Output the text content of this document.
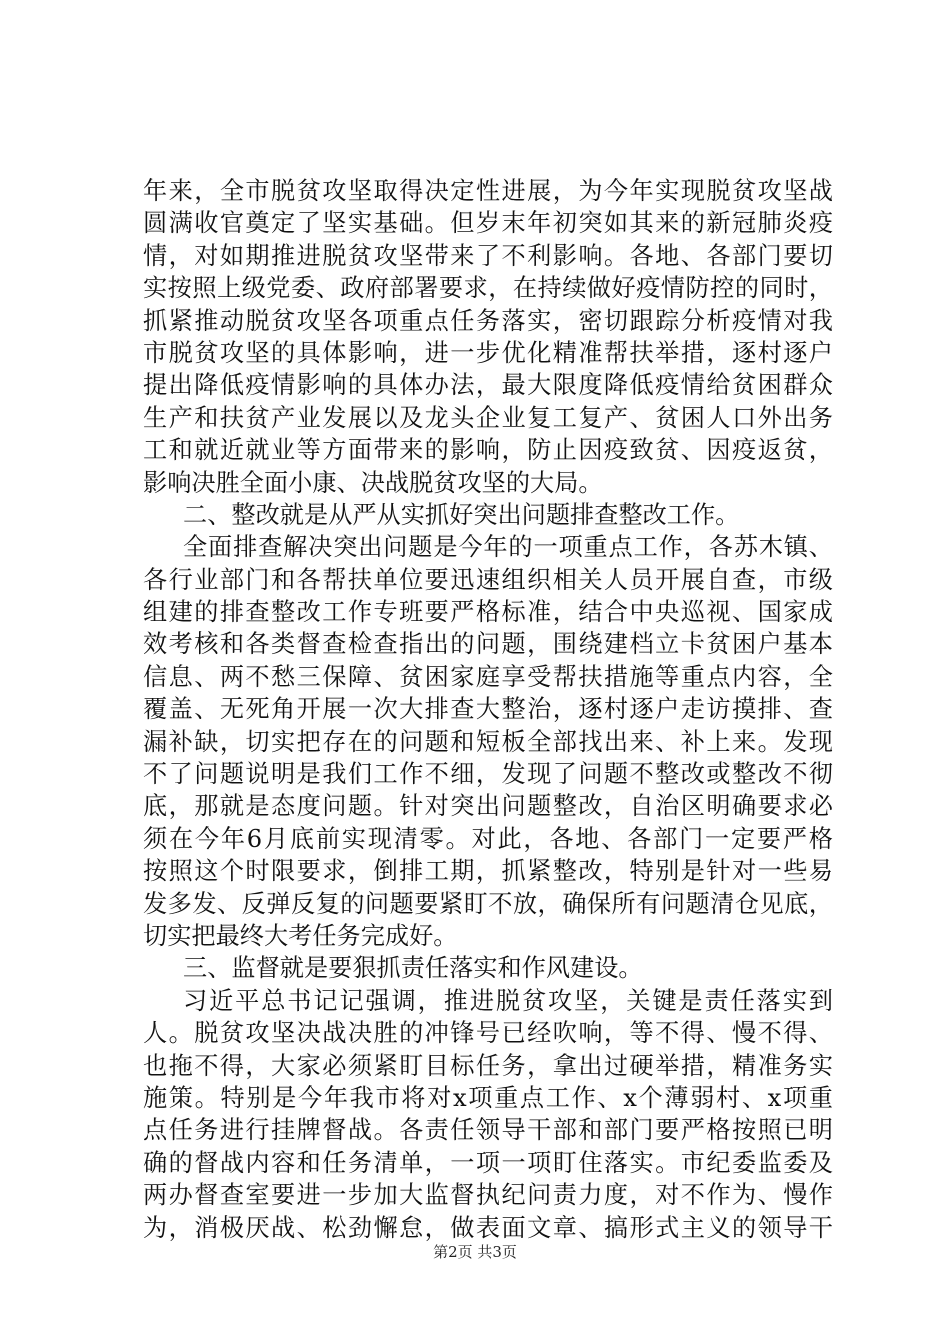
年来，全市脱贫攻坚取得决定性进展，为今年实现脱贫攻坚战
圆满收官奠定了坚实基础。但岁末年初突如其来的新冠肺炎疫
情，对如期推进脱贫攻坚带来了不利影响。各地、各部门要切
实按照上级党委、政府部署要求，在持续做好疫情防控的同时，
抓紧推动脱贫攻坚各项重点任务落实，密切跟踪分析疫情对我
市脱贫攻坚的具体影响，进一步优化精准帮扶举措，逐村逐户
提出降低疫情影响的具体办法，最大限度降低疫情给贫困群众
生产和扶贫产业发展以及龙头企业复工复产、贫困人口外出务
工和就近就业等方面带来的影响，防止因疫致贫、因疫返贫，
影响决胜全面小康、决战脱贫攻坚的大局。
二、整改就是从严从实抓好突出问题排查整改工作。
全面排查解决突出问题是今年的一项重点工作，各苏木镇、
各行业部门和各帮扶单位要迅速组织相关人员开展自查，市级
组建的排查整改工作专班要严格标准，结合中央巡视、国家成
效考核和各类督查检查指出的问题，围绕建档立卡贫困户基本
信息、两不愁三保障、贫困家庭享受帮扶措施等重点内容，全
覆盖、无死角开展一次大排查大整治，逐村逐户走访摸排、查
漏补缺，切实把存在的问题和短板全部找出来、补上来。发现
不了问题说明是我们工作不细，发现了问题不整改或整改不彻
底，那就是态度问题。针对突出问题整改，自治区明确要求必
须在今年6月底前实现清零。对此，各地、各部门一定要严格
按照这个时限要求，倒排工期，抓紧整改，特别是针对一些易
发多发、反弹反复的问题要紧盯不放，确保所有问题清仓见底，
切实把最终大考任务完成好。
三、监督就是要狠抓责任落实和作风建设。
习近平总书记记强调，推进脱贫攻坚，关键是责任落实到
人。脱贫攻坚决战决胜的冲锋号已经吹响，等不得、慢不得、
也拖不得，大家必须紧盯目标任务，拿出过硬举措，精准务实
施策。特别是今年我市将对x项重点工作、x个薄弱村、x项重
点任务进行挂牌督战。各责任领导干部和部门要严格按照已明
确的督战内容和任务清单，一项一项盯住落实。市纪委监委及
两办督查室要进一步加大监督执纪问责力度，对不作为、慢作
为，消极厌战、松劲懈怠，做表面文章、搞形式主义的领导干
第2页 共3页
